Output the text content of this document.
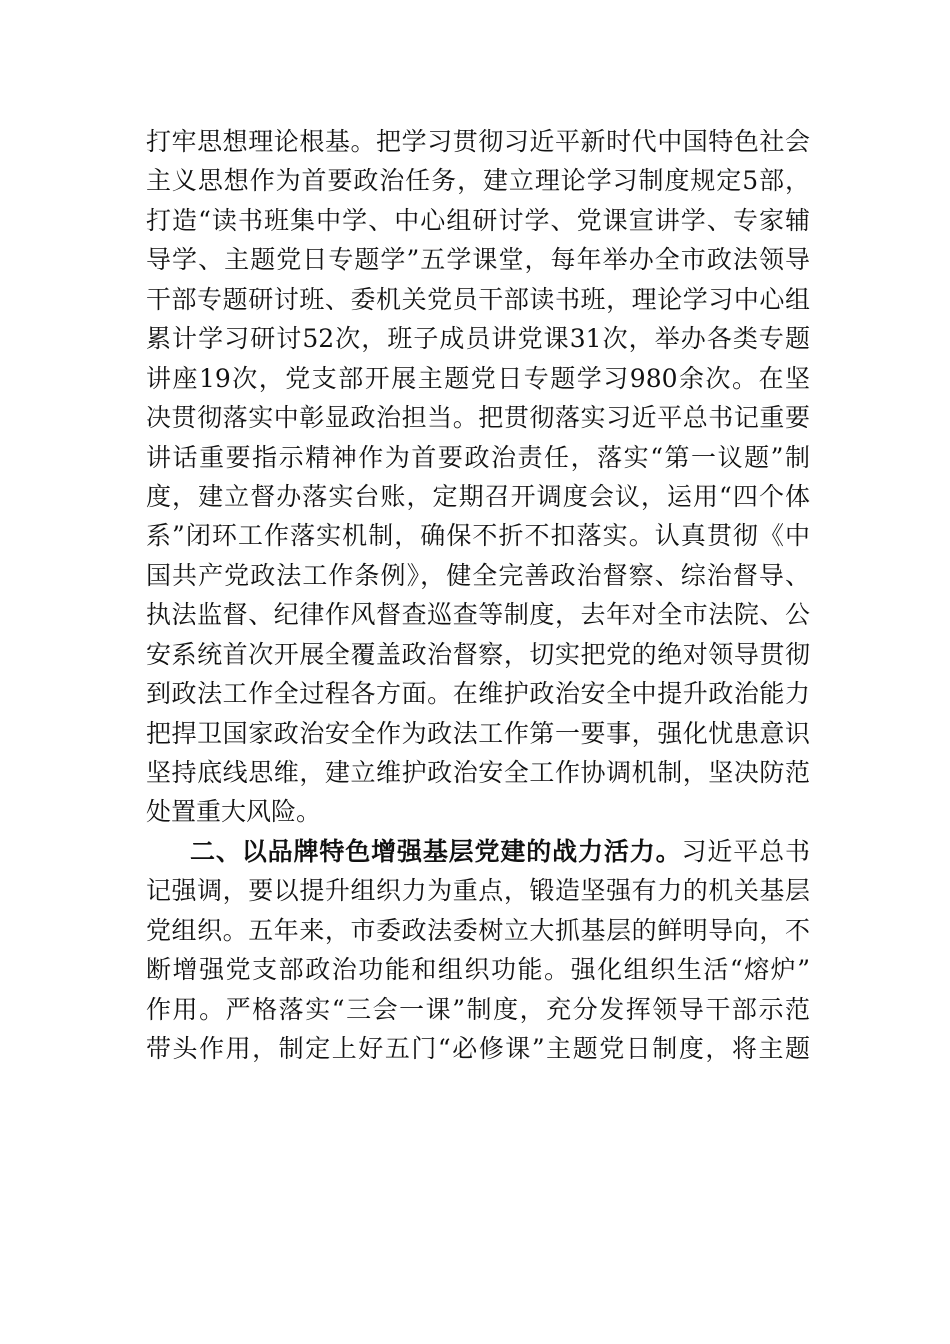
打牢思想理论根基。把学习贯彻习近平新时代中国特色社会
主义思想作为首要政治任务，建立理论学习制度规定5部，
打造“读书班集中学、中心组研讨学、党课宣讲学、专家辅
导学、主题党日专题学”五学课堂，每年举办全市政法领导
干部专题研讨班、委机关党员干部读书班，理论学习中心组
累计学习研讨52次，班子成员讲党课31次，举办各类专题
讲座19次，党支部开展主题党日专题学习980余次。在坚
决贯彻落实中彰显政治担当。把贯彻落实习近平总书记重要
讲话重要指示精神作为首要政治责任，落实“第一议题”制
度，建立督办落实台账，定期召开调度会议，运用“四个体
系”闭环工作落实机制，确保不折不扣落实。认真贯彻《中
国共产党政法工作条例》，健全完善政治督察、综治督导、
执法监督、纪律作风督查巡查等制度，去年对全市法院、公
安系统首次开展全覆盖政治督察，切实把党的绝对领导贯彻
到政法工作全过程各方面。在维护政治安全中提升政治能力
把捍卫国家政治安全作为政法工作第一要事，强化忧患意识
坚持底线思维，建立维护政治安全工作协调机制，坚决防范
处置重大风险。
二、以品牌特色增强基层党建的战力活力。习近平总书
记强调，要以提升组织力为重点，锻造坚强有力的机关基层
党组织。五年来，市委政法委树立大抓基层的鲜明导向，不
断增强党支部政治功能和组织功能。强化组织生活“熔炉”
作用。严格落实“三会一课”制度，充分发挥领导干部示范
带头作用，制定上好五门“必修课”主题党日制度，将主题
